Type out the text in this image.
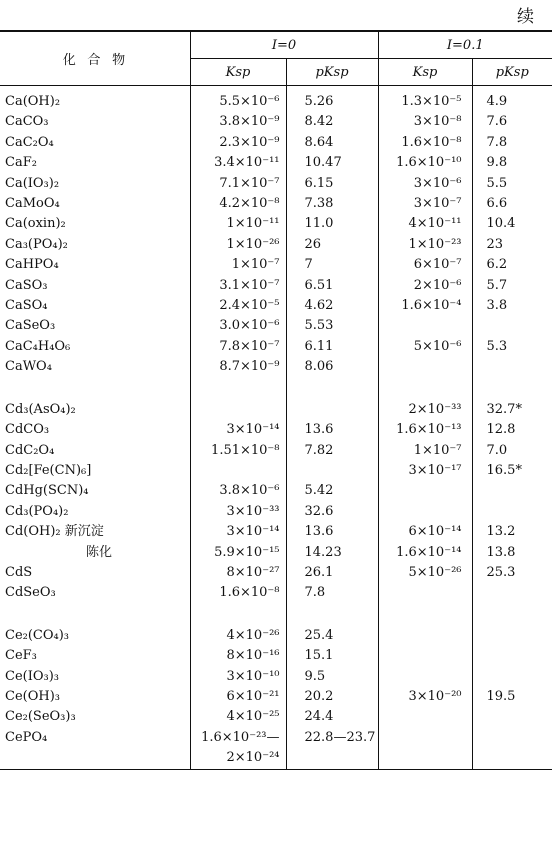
续
化合物	I=0		I=0.1	
	Ksp	pKsp	Ksp	pKsp
Ca(OH)₂	5.5×10⁻⁶	5.26	1.3×10⁻⁵	4.9
CaCO₃	3.8×10⁻⁹	8.42	3×10⁻⁸	7.6
CaC₂O₄	2.3×10⁻⁹	8.64	1.6×10⁻⁸	7.8
CaF₂	3.4×10⁻¹¹	10.47	1.6×10⁻¹⁰	9.8
Ca(IO₃)₂	7.1×10⁻⁷	6.15	3×10⁻⁶	5.5
CaMoO₄	4.2×10⁻⁸	7.38	3×10⁻⁷	6.6
Ca(oxin)₂	1×10⁻¹¹	11.0	4×10⁻¹¹	10.4
Ca₃(PO₄)₂	1×10⁻²⁶	26	1×10⁻²³	23
CaHPO₄	1×10⁻⁷	7	6×10⁻⁷	6.2
CaSO₃	3.1×10⁻⁷	6.51	2×10⁻⁶	5.7
CaSO₄	2.4×10⁻⁵	4.62	1.6×10⁻⁴	3.8
CaSeO₃	3.0×10⁻⁶	5.53		
CaC₄H₄O₆	7.8×10⁻⁷	6.11	5×10⁻⁶	5.3
CaWO₄	8.7×10⁻⁹	8.06		

Cd₃(AsO₄)₂			2×10⁻³³	32.7*
CdCO₃	3×10⁻¹⁴	13.6	1.6×10⁻¹³	12.8
CdC₂O₄	1.51×10⁻⁸	7.82	1×10⁻⁷	7.0
Cd₂[Fe(CN)₆]			3×10⁻¹⁷	16.5*
CdHg(SCN)₄	3.8×10⁻⁶	5.42		
Cd₃(PO₄)₂	3×10⁻³³	32.6		
Cd(OH)₂ 新沉淀	3×10⁻¹⁴	13.6	6×10⁻¹⁴	13.2
陈化	5.9×10⁻¹⁵	14.23	1.6×10⁻¹⁴	13.8
CdS	8×10⁻²⁷	26.1	5×10⁻²⁶	25.3
CdSeO₃	1.6×10⁻⁸	7.8		

Ce₂(CO₄)₃	4×10⁻²⁶	25.4		
CeF₃	8×10⁻¹⁶	15.1		
Ce(IO₃)₃	3×10⁻¹⁰	9.5		
Ce(OH)₃	6×10⁻²¹	20.2	3×10⁻²⁰	19.5
Ce₂(SeO₃)₃	4×10⁻²⁵	24.4		
CePO₄	1.6×10⁻²³—	22.8—23.7		
	2×10⁻²⁴			
